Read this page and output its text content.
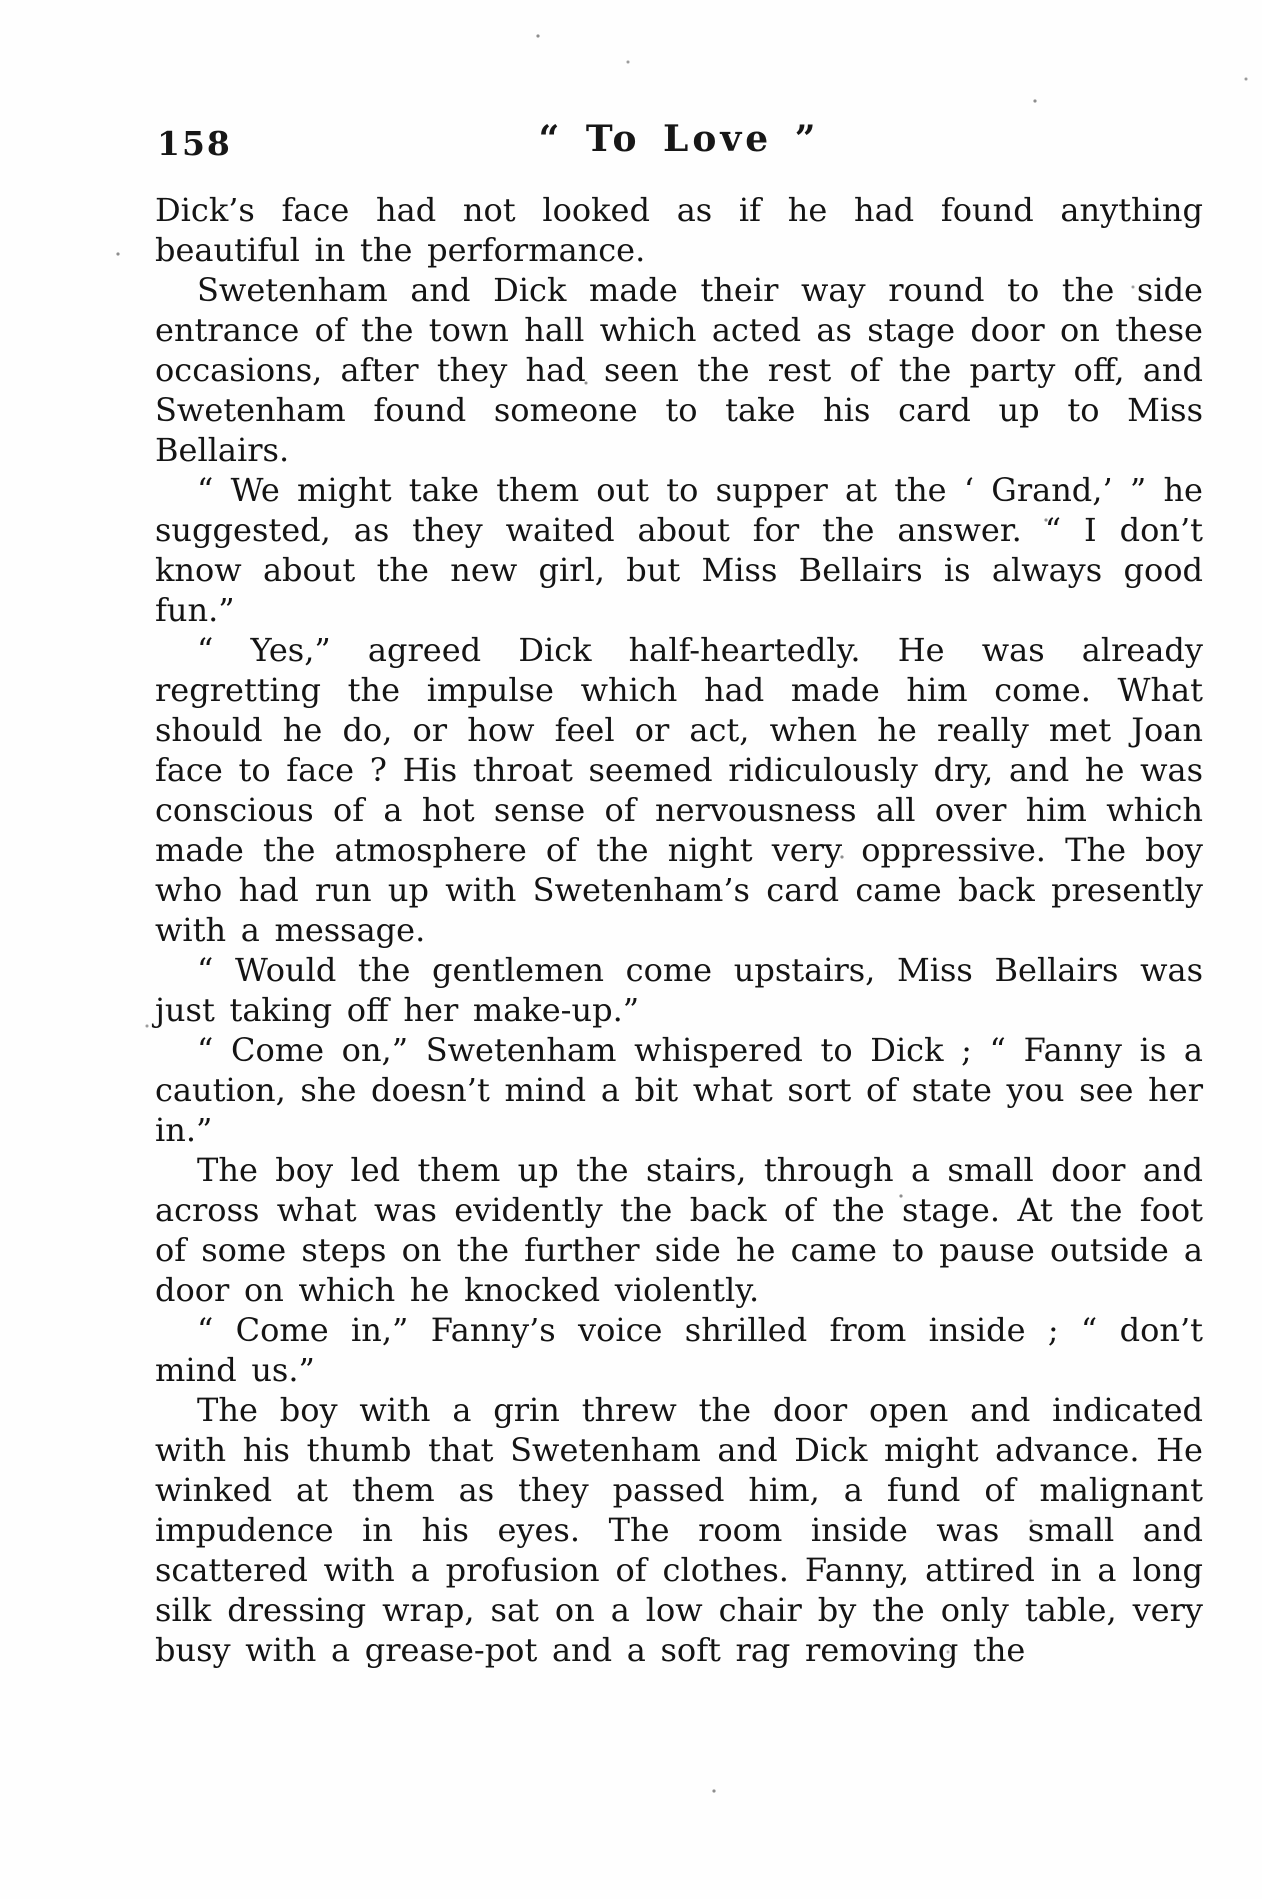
158	“ To Love ”

Dick’s face had not looked as if he had found anything beautiful in the performance.

Swetenham and Dick made their way round to the side entrance of the town hall which acted as stage door on these occasions, after they had seen the rest of the party off, and Swetenham found someone to take his card up to Miss Bellairs.

“ We might take them out to supper at the ‘ Grand,’ ” he suggested, as they waited about for the answer. “ I don’t know about the new girl, but Miss Bellairs is always good fun.”

“ Yes,” agreed Dick half-heartedly. He was already regretting the impulse which had made him come. What should he do, or how feel or act, when he really met Joan face to face ? His throat seemed ridiculously dry, and he was conscious of a hot sense of nervousness all over him which made the atmosphere of the night very oppressive. The boy who had run up with Swetenham’s card came back presently with a message.

“ Would the gentlemen come upstairs, Miss Bellairs was just taking off her make-up.”

“ Come on,” Swetenham whispered to Dick ; “ Fanny is a caution, she doesn’t mind a bit what sort of state you see her in.”

The boy led them up the stairs, through a small door and across what was evidently the back of the stage. At the foot of some steps on the further side he came to pause outside a door on which he knocked violently.

“ Come in,” Fanny’s voice shrilled from inside ; “ don’t mind us.”

The boy with a grin threw the door open and indicated with his thumb that Swetenham and Dick might advance. He winked at them as they passed him, a fund of malignant impudence in his eyes. The room inside was small and scattered with a profusion of clothes. Fanny, attired in a long silk dressing wrap, sat on a low chair by the only table, very busy with a grease-pot and a soft rag removing the
